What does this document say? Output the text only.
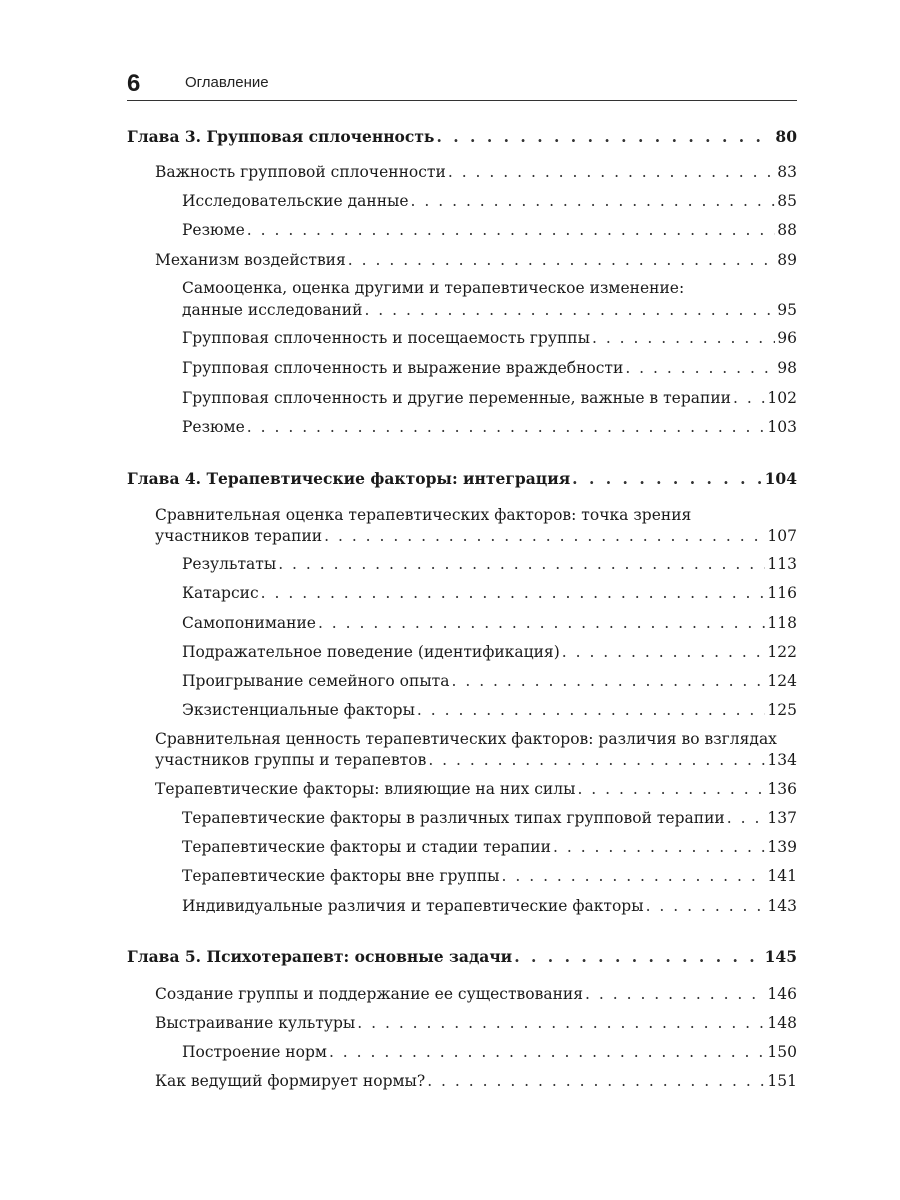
6	Оглавление
Глава 3. Групповая сплоченность . . .	80
Важность групповой сплоченности . . .	83
Исследовательские данные . . .	85
Резюме . . .	88
Механизм воздействия . . .	89
Самооценка, оценка другими и терапевтическое изменение:
данные исследований . . .	95
Групповая сплоченность и посещаемость группы . . .	96
Групповая сплоченность и выражение враждебности . . .	98
Групповая сплоченность и другие переменные, важные в терапии . . . 102
Резюме . . .	103
Глава 4. Терапевтические факторы: интеграция . . .	104
Сравнительная оценка терапевтических факторов: точка зрения
участников терапии . . .	107
Результаты . . .	113
Катарсис . . .	116
Самопонимание . . .	118
Подражательное поведение (идентификация) . . .	122
Проигрывание семейного опыта . . .	124
Экзистенциальные факторы . . .	125
Сравнительная ценность терапевтических факторов: различия во взглядах
участников группы и терапевтов . . .	134
Терапевтические факторы: влияющие на них силы . . .	136
Терапевтические факторы в различных типах групповой терапии . . .	137
Терапевтические факторы и стадии терапии . . .	139
Терапевтические факторы вне группы . . .	141
Индивидуальные различия и терапевтические факторы . . .	143
Глава 5. Психотерапевт: основные задачи . . .	145
Создание группы и поддержание ее существования . . .	146
Выстраивание культуры . . .	148
Построение норм . . .	150
Как ведущий формирует нормы? . . .	151
